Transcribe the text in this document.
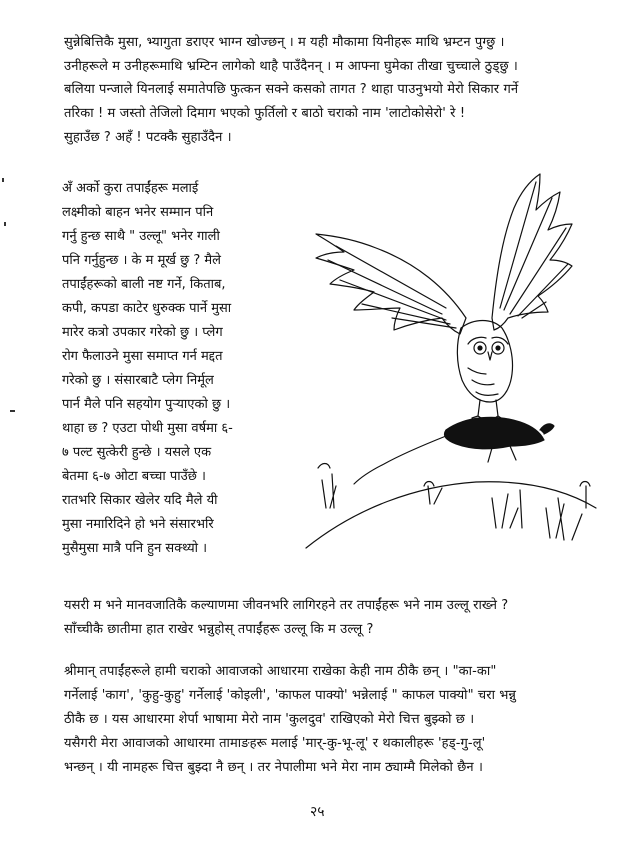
सुन्नेबित्तिकै मुसा, भ्यागुता डराएर भाग्न खोज्छन् । म यही मौकामा यिनीहरू माथि भ्रम्टन पुग्छु ।
उनीहरूले म उनीहरूमाथि भ्रम्टिन लागेको थाहै पाउँदैनन् । म आफ्ना घुमेका तीखा चुच्चाले ठुड्छु ।
बलिया पन्जाले यिनलाई समातेपछि फुत्कन सक्ने कसको तागत ? थाहा पाउनुभयो मेरो सिकार गर्ने
तरिका ! म जस्तो तेजिलो दिमाग भएको फुर्तिलो र बाठो चराको नाम 'लाटोकोसेरो' रे !
सुहाउँछ ? अहँ ! पटक्कै सुहाउँदैन ।
अँ अर्को कुरा तपाईंहरू मलाई
लक्ष्मीको बाहन भनेर सम्मान पनि
गर्नु हुन्छ साथै " उल्लू" भनेर गाली
पनि गर्नुहुन्छ । के म मूर्ख छु ? मैले
तपाईंहरूको बाली नष्ट गर्ने, किताब,
कपी, कपडा काटेर धुरुक्क पार्ने मुसा
मारेर कत्रो उपकार गरेको छु । प्लेग
रोग फैलाउने मुसा समाप्त गर्न मद्दत
गरेको छु । संसारबाटै प्लेग निर्मूल
पार्न मैले पनि सहयोग पुऱ्याएको छु ।
थाहा छ ? एउटा पोथी मुसा वर्षमा ६-
७ पल्ट सुत्केरी हुन्छे । यसले एक
बेतमा ६-७ ओटा बच्चा पाउँछे ।
रातभरि सिकार खेलेर यदि मैले यी
मुसा नमारिदिने हो भने संसारभरि
मुसैमुसा मात्रै पनि हुन सक्थ्यो ।
यसरी म भने मानवजातिकै कल्याणमा जीवनभरि लागिरहने तर तपाईंहरू भने नाम उल्लू राख्ने ?
साँच्चीकै छातीमा हात राखेर भन्नुहोस् तपाईंहरू उल्लू कि म उल्लू ?
श्रीमान् तपाईंहरूले हामी चराको आवाजको आधारमा राखेका केही नाम ठीकै छन् । "का-का"
गर्नेलाई 'काग', 'कुहु-कुहु' गर्नेलाई 'कोइली', 'काफल पाक्यो' भन्नेलाई " काफल पाक्यो" चरा भन्नु
ठीकै छ । यस आधारमा शेर्पा भाषामा मेरो नाम 'कुलदुव' राखिएको मेरो चित्त बुझ्को छ ।
यसैगरी मेरा आवाजको आधारमा तामाङहरू मलाई 'मार्-कु-भू-लू' र थकालीहरू 'हड्-गु-लू'
भन्छन् । यी नामहरू चित्त बुझ्दा नै छन् । तर नेपालीमा भने मेरा नाम ठ्याम्मै मिलेको छैन ।
२५
